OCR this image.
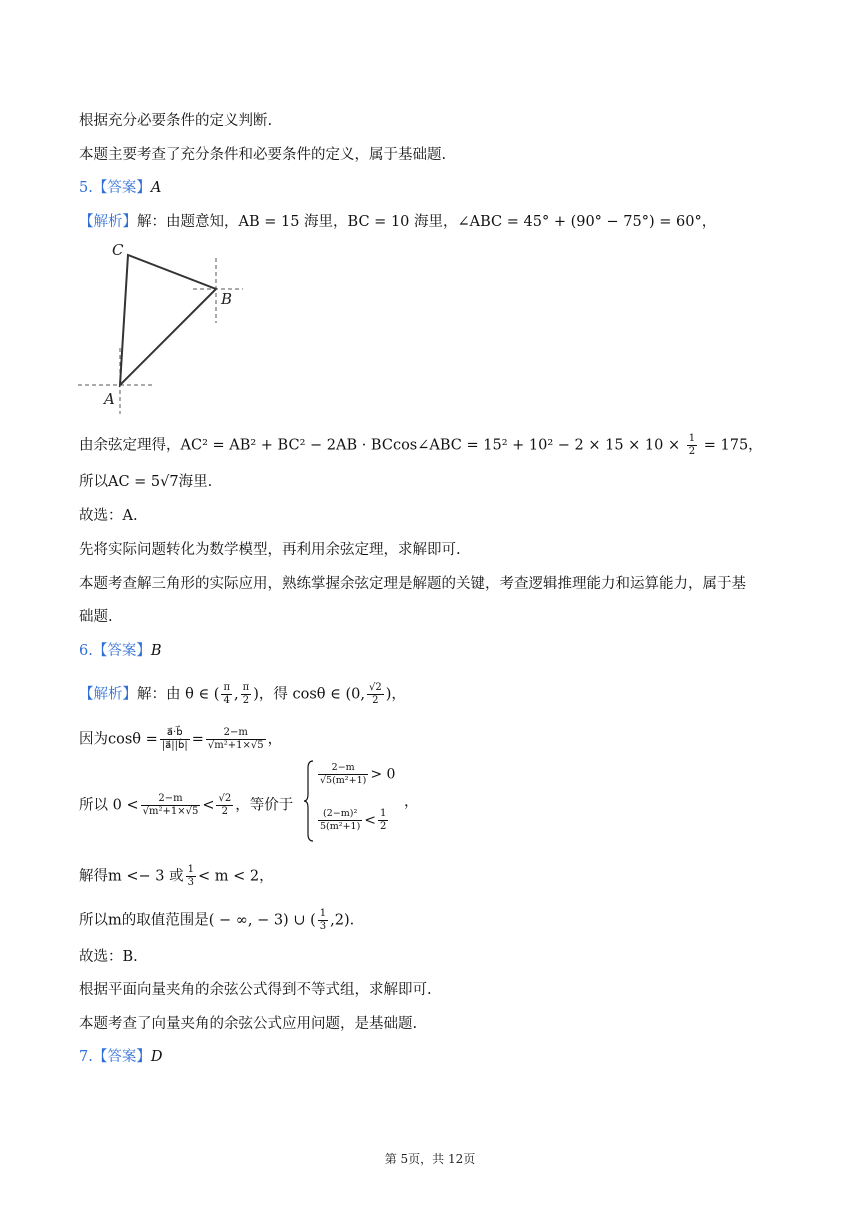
根据充分必要条件的定义判断.
本题主要考查了充分条件和必要条件的定义，属于基础题.
5.【答案】A
【解析】解：由题意知，AB = 15 海里，BC = 10 海里，∠ABC = 45° + (90° − 75°) = 60°，
C
B
A
由余弦定理得，AC² = AB² + BC² − 2AB · BCcos∠ABC = $15^2 + 10^2 - 2 \times 15 \times 10 \times \frac{1}{2} = 175$，
所以AC = 5√7海里.
故选：A.
先将实际问题转化为数学模型，再利用余弦定理，求解即可.
本题考查解三角形的实际应用，熟练掌握余弦定理是解题的关键，考查逻辑推理能力和运算能力，属于基
础题.
6.【答案】B
【解析】解：由 θ ∈ ( $\frac{\pi}{4}$ , $\frac{\pi}{2}$ )，得 cosθ ∈ (0, $\frac{√2}{2}$ )，
因为$\cos\theta = \frac{a⃗\cdot b⃗}{|a⃗||b⃗|} = \frac{2-m}{\text{√m²+1×√5}}$ ，
所以 $0 < \frac{2-m}{\text{√m²+1×√5}} < \frac{√2}{2}$ ，等价于
$\frac{2-m}{\text{√5(m²+1)}} > 0$
$\frac{\text{(2−m)²}}{\text{5(m²+1)}} < \frac{1}{2}$
，
解得m <− 3 或 $\frac{1}{3} < m < 2$，
所以m的取值范围是( − ∞, − 3) ∪ ( $\frac{1}{3} ,2$).
故选：B.
根据平面向量夹角的余弦公式得到不等式组，求解即可.
本题考查了向量夹角的余弦公式应用问题，是基础题.
7.【答案】D
第 5页，共 12页
